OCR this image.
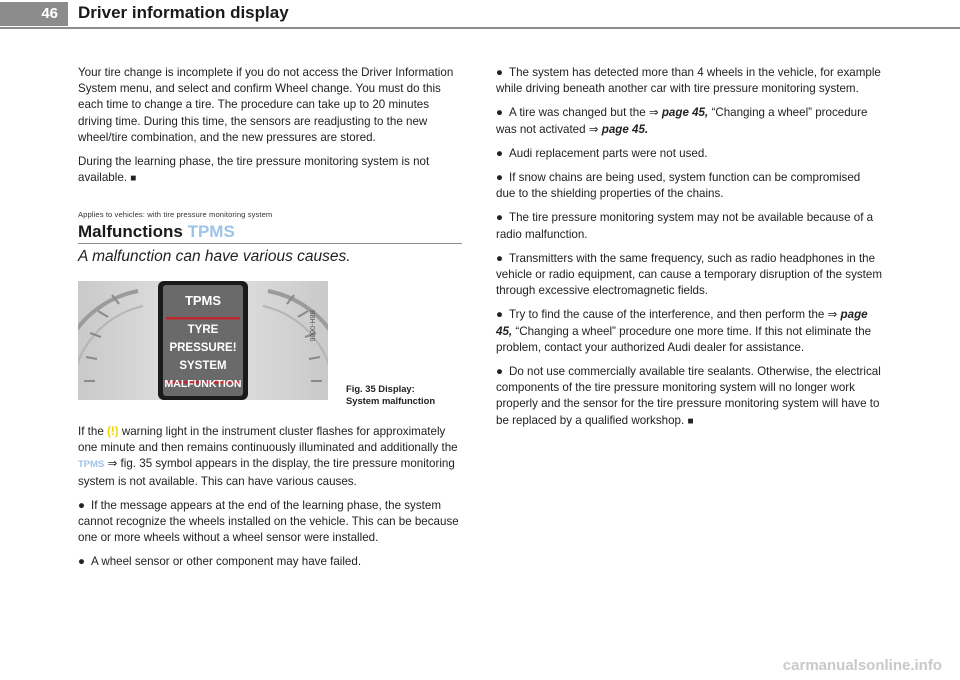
46	Driver information display

Your tire change is incomplete if you do not access the Driver Information System menu, and select and confirm Wheel change. You must do this each time to change a tire. The procedure can take up to 20 minutes driving time. During this time, the sensors are readjusting to the new wheel/tire combination, and the new pressures are stored.

During the learning phase, the tire pressure monitoring system is not available. ■

Applies to vehicles: with tire pressure monitoring system
Malfunctions TPMS
A malfunction can have various causes.
TPMS
TYRE
PRESSURE!
SYSTEM
MALFUNKTION
B8H-0666
Fig. 35 Display:
System malfunction

If the (!) warning light in the instrument cluster flashes for approximately one minute and then remains continuously illuminated and additionally the TPMS ⇒ fig. 35 symbol appears in the display, the tire pressure monitoring system is not available. This can have various causes.

● If the message appears at the end of the learning phase, the system cannot recognize the wheels installed on the vehicle. This can be because one or more wheels without a wheel sensor were installed.

● A wheel sensor or other component may have failed.

● The system has detected more than 4 wheels in the vehicle, for example while driving beneath another car with tire pressure monitoring system.

● A tire was changed but the ⇒ page 45, “Changing a wheel” procedure was not activated ⇒ page 45.

● Audi replacement parts were not used.

● If snow chains are being used, system function can be compromised due to the shielding properties of the chains.

● The tire pressure monitoring system may not be available because of a radio malfunction.

● Transmitters with the same frequency, such as radio headphones in the vehicle or radio equipment, can cause a temporary disruption of the system through excessive electromagnetic fields.

● Try to find the cause of the interference, and then perform the ⇒ page 45, “Changing a wheel” procedure one more time. If this not eliminate the problem, contact your authorized Audi dealer for assistance.

● Do not use commercially available tire sealants. Otherwise, the electrical components of the tire pressure monitoring system will no longer work properly and the sensor for the tire pressure monitoring system will have to be replaced by a qualified workshop. ■

carmanualsonline.info
